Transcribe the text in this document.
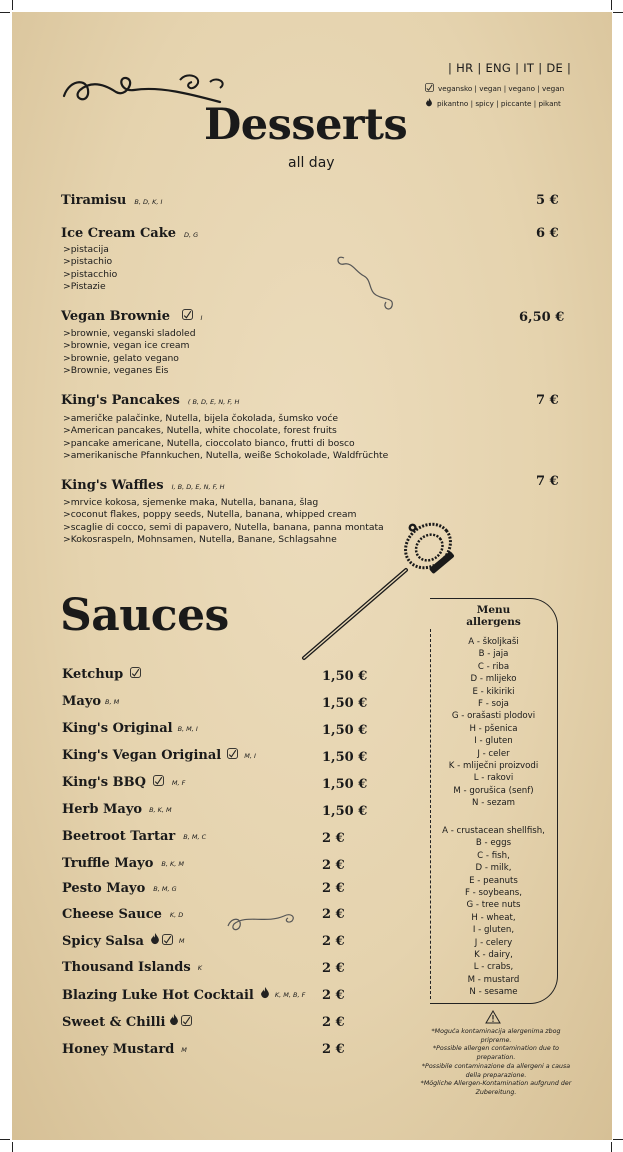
| HR | ENG | IT | DE |
vegansko | vegan | vegano | vegan
pikantno | spicy | piccante | pikant
Desserts
all day
Tiramisu B, D, K, I	5 €
Ice Cream Cake D, G	6 €
>pistacija
>pistachio
>pistacchio
>Pistazie
Vegan Brownie	I	6,50 €
>brownie, veganski sladoled
>brownie, vegan ice cream
>brownie, gelato vegano
>Brownie, veganes Eis
King's Pancakes ( B, D, E, N, F, H	7 €
>američke palačinke, Nutella, bijela čokolada, šumsko voće
>American pancakes, Nutella, white chocolate, forest fruits
>pancake americane, Nutella, cioccolato bianco, frutti di bosco
>amerikanische Pfannkuchen, Nutella, weiße Schokolade, Waldfrüchte
King's Waffles I, B, D, E, N, F, H	7 €
>mrvice kokosa, sjemenke maka, Nutella, banana, šlag
>coconut flakes, poppy seeds, Nutella, banana, whipped cream
>scaglie di cocco, semi di papavero, Nutella, banana, panna montata
>Kokosraspeln, Mohnsamen, Nutella, Banane, Schlagsahne
Sauces
Ketchup	1,50 €
Mayo B, M	1,50 €
King's Original B, M, I	1,50 €
King's Vegan Original	M, I	1,50 €
King's BBQ	M, F	1,50 €
Herb Mayo B, K, M	1,50 €
Beetroot Tartar B, M, C	2 €
Truffle Mayo B, K, M	2 €
Pesto Mayo B, M, G	2 €
Cheese Sauce K, D	2 €
Spicy Salsa	M	2 €
Thousand Islands K	2 €
Blazing Luke Hot Cocktail	K, M, B, F 2 €
Sweet & Chilli	2 €
Honey Mustard M	2 €
Menu
allergens
A - školjkaši
B - jaja
C - riba
D - mlijeko
E - kikiriki
F - soja
G - orašasti plodovi
H - pšenica
I - gluten
J - celer
K - mliječni proizvodi
L - rakovi
M - gorušica (senf)
N - sezam
A - crustacean shellfish,
B - eggs
C - fish,
D - milk,
E - peanuts
F - soybeans,
G - tree nuts
H - wheat,
I - gluten,
J - celery
K - dairy,
L - crabs,
M - mustard
N - sesame
*Moguća kontaminacija alergenima zbog pripreme.
*Possible allergen contamination due to preparation.
*Possibile contaminazione da allergeni a causa della preparazione.
*Mögliche Allergen-Kontamination aufgrund der Zubereitung.
